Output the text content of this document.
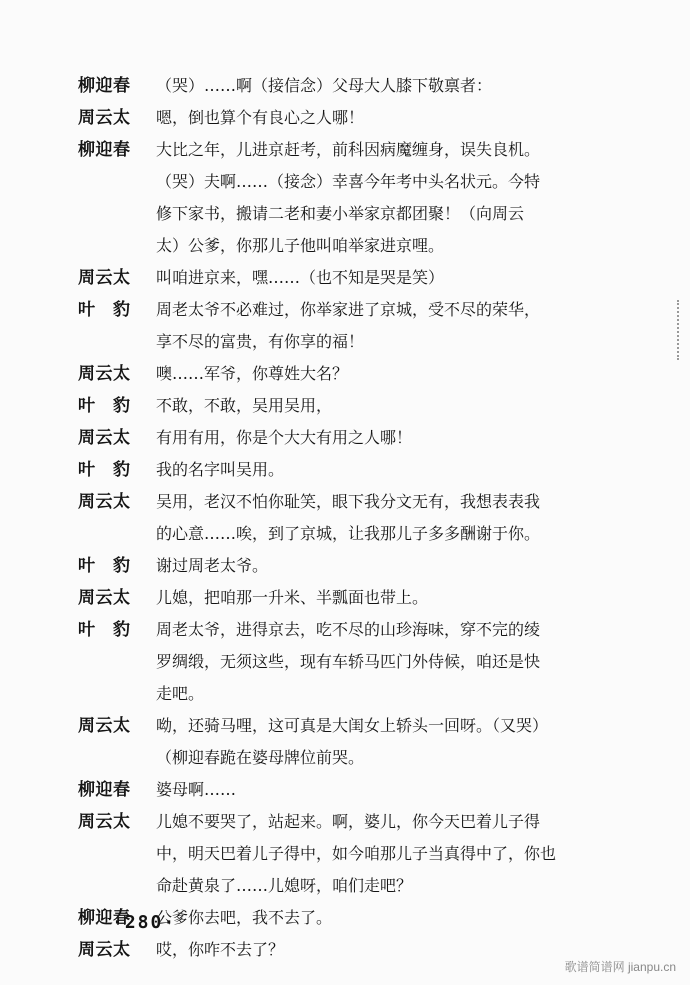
柳迎春	（哭）……啊（接信念）父母大人膝下敬禀者：
周云太	嗯，倒也算个有良心之人哪！
柳迎春	大比之年，儿进京赶考，前科因病魔缠身，误失良机。
（哭）夫啊……（接念）幸喜今年考中头名状元。今特
修下家书，搬请二老和妻小举家京都团聚！（向周云
太）公爹，你那儿子他叫咱举家进京哩。
周云太	叫咱进京来，嘿……（也不知是哭是笑）
叶　豹	周老太爷不必难过，你举家进了京城，受不尽的荣华，
享不尽的富贵，有你享的福！
周云太	噢……军爷，你尊姓大名？
叶　豹	不敢，不敢，吴用吴用，
周云太	有用有用，你是个大大有用之人哪！
叶　豹	我的名字叫吴用。
周云太	吴用，老汉不怕你耻笑，眼下我分文无有，我想表表我
的心意……唉，到了京城，让我那儿子多多酬谢于你。
叶　豹	谢过周老太爷。
周云太	儿媳，把咱那一升米、半瓢面也带上。
叶　豹	周老太爷，进得京去，吃不尽的山珍海味，穿不完的绫
罗绸缎，无须这些，现有车轿马匹门外侍候，咱还是快
走吧。
周云太	呦，还骑马哩，这可真是大闺女上轿头一回呀。（又哭）
（柳迎春跪在婆母牌位前哭。
柳迎春	婆母啊……
周云太	儿媳不要哭了，站起来。啊，婆儿，你今天巴着儿子得
中，明天巴着儿子得中，如今咱那儿子当真得中了，你也
命赴黄泉了……儿媳呀，咱们走吧？
柳迎春	公爹你去吧，我不去了。
周云太	哎，你咋不去了？
·280·
歌谱简谱网 jianpu.cn
